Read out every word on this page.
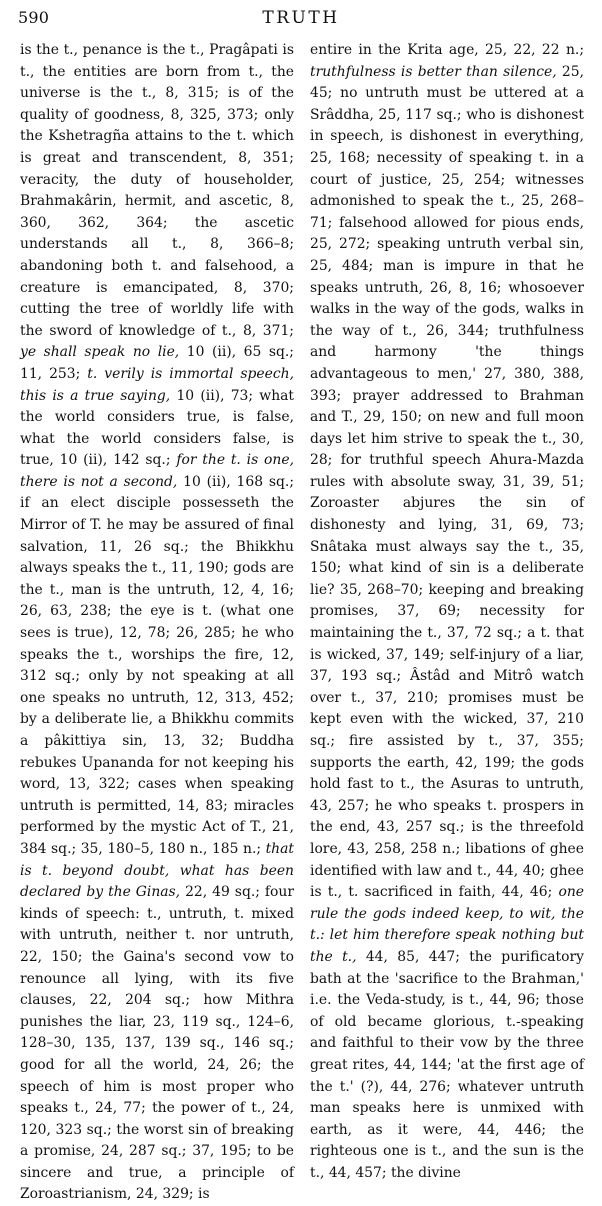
590	TRUTH
is the t., penance is the t., Pragâpati is t., the entities are born from t., the universe is the t., 8, 315; is of the quality of goodness, 8, 325, 373; only the Kshetragña attains to the t. which is great and transcendent, 8, 351; veracity, the duty of householder, Brahmakârin, hermit, and ascetic, 8, 360, 362, 364; the ascetic understands all t., 8, 366–8; abandoning both t. and falsehood, a creature is emancipated, 8, 370; cutting the tree of worldly life with the sword of knowledge of t., 8, 371; ye shall speak no lie, 10 (ii), 65 sq.; 11, 253; t. verily is immortal speech, this is a true saying, 10 (ii), 73; what the world considers true, is false, what the world considers false, is true, 10 (ii), 142 sq.; for the t. is one, there is not a second, 10 (ii), 168 sq.; if an elect disciple possesseth the Mirror of T. he may be assured of final salvation, 11, 26 sq.; the Bhikkhu always speaks the t., 11, 190; gods are the t., man is the untruth, 12, 4, 16; 26, 63, 238; the eye is t. (what one sees is true), 12, 78; 26, 285; he who speaks the t., worships the fire, 12, 312 sq.; only by not speaking at all one speaks no untruth, 12, 313, 452; by a deliberate lie, a Bhikkhu commits a pâkittiya sin, 13, 32; Buddha rebukes Upananda for not keeping his word, 13, 322; cases when speaking untruth is permitted, 14, 83; miracles performed by the mystic Act of T., 21, 384 sq.; 35, 180–5, 180 n., 185 n.; that is t. beyond doubt, what has been declared by the Ginas, 22, 49 sq.; four kinds of speech: t., untruth, t. mixed with untruth, neither t. nor untruth, 22, 150; the Gaina's second vow to renounce all lying, with its five clauses, 22, 204 sq.; how Mithra punishes the liar, 23, 119 sq., 124–6, 128–30, 135, 137, 139 sq., 146 sq.; good for all the world, 24, 26; the speech of him is most proper who speaks t., 24, 77; the power of t., 24, 120, 323 sq.; the worst sin of breaking a promise, 24, 287 sq.; 37, 195; to be sincere and true, a principle of Zoroastrianism, 24, 329; is
entire in the Krita age, 25, 22, 22 n.; truthfulness is better than silence, 25, 45; no untruth must be uttered at a Srâddha, 25, 117 sq.; who is dishonest in speech, is dishonest in everything, 25, 168; necessity of speaking t. in a court of justice, 25, 254; witnesses admonished to speak the t., 25, 268–71; falsehood allowed for pious ends, 25, 272; speaking untruth verbal sin, 25, 484; man is impure in that he speaks untruth, 26, 8, 16; whosoever walks in the way of the gods, walks in the way of t., 26, 344; truthfulness and harmony 'the things advantageous to men,' 27, 380, 388, 393; prayer addressed to Brahman and T., 29, 150; on new and full moon days let him strive to speak the t., 30, 28; for truthful speech Ahura-Mazda rules with absolute sway, 31, 39, 51; Zoroaster abjures the sin of dishonesty and lying, 31, 69, 73; Snâtaka must always say the t., 35, 150; what kind of sin is a deliberate lie? 35, 268–70; keeping and breaking promises, 37, 69; necessity for maintaining the t., 37, 72 sq.; a t. that is wicked, 37, 149; self-injury of a liar, 37, 193 sq.; Âstâd and Mitrô watch over t., 37, 210; promises must be kept even with the wicked, 37, 210 sq.; fire assisted by t., 37, 355; supports the earth, 42, 199; the gods hold fast to t., the Asuras to untruth, 43, 257; he who speaks t. prospers in the end, 43, 257 sq.; is the threefold lore, 43, 258, 258 n.; libations of ghee identified with law and t., 44, 40; ghee is t., t. sacrificed in faith, 44, 46; one rule the gods indeed keep, to wit, the t.: let him therefore speak nothing but the t., 44, 85, 447; the purificatory bath at the 'sacrifice to the Brahman,' i.e. the Veda-study, is t., 44, 96; those of old became glorious, t.-speaking and faithful to their vow by the three great rites, 44, 144; 'at the first age of the t.' (?), 44, 276; whatever untruth man speaks here is unmixed with earth, as it were, 44, 446; the righteous one is t., and the sun is the t., 44, 457; the divine
